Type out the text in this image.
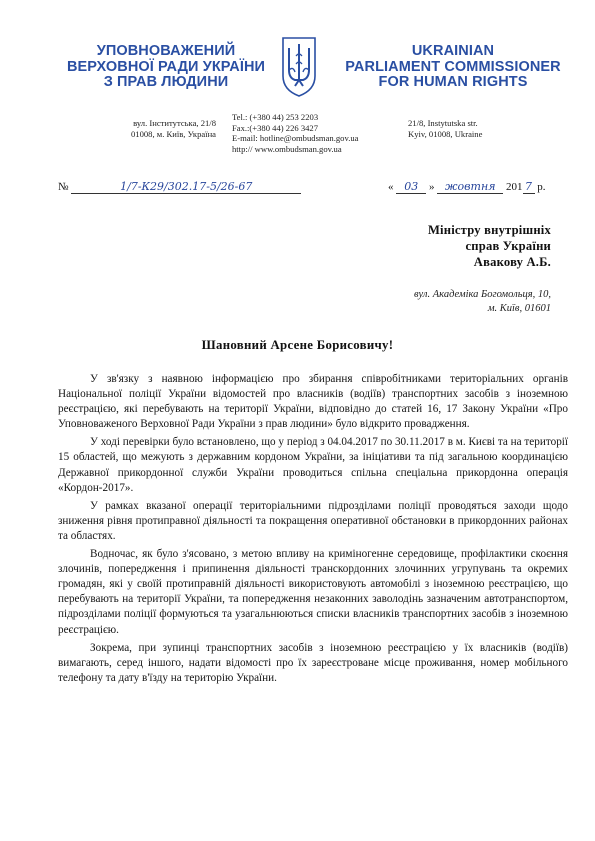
УПОВНОВАЖЕНИЙ
ВЕРХОВНОЇ РАДИ УКРАЇНИ
З ПРАВ ЛЮДИНИ
UKRAINIAN
PARLIAMENT COMMISSIONER
FOR HUMAN RIGHTS
вул. Інститутська, 21/8
01008, м. Київ, Україна
Tel.: (+380 44) 253 2203
Fax.:(+380 44) 226 3427
E-mail: hotline@ombudsman.gov.ua
http:// www.ombudsman.gov.ua
21/8, Instytutska str.
Kyiv, 01008, Ukraine
№	1/7-К29/302.17-5/26-67	« 03 » жовтня 201 7 р.
Міністру внутрішніх
справ України
Авакову А.Б.
вул. Академіка Богомольця, 10,
м. Київ, 01601
Шановний Арсене Борисовичу!

У зв'язку з наявною інформацією про збирання співробітниками територіальних органів Національної поліції України відомостей про власників (водіїв) транспортних засобів з іноземною реєстрацією, які перебувають на території України, відповідно до статей 16, 17 Закону України «Про Уповноваженого Верховної Ради України з прав людини» було відкрито провадження.

У ході перевірки було встановлено, що у період з 04.04.2017 по 30.11.2017 в м. Києві та на території 15 областей, що межують з державним кордоном України, за ініціативи та під загальною координацією Державної прикордонної служби України проводиться спільна спеціальна прикордонна операція «Кордон-2017».

У рамках вказаної операції територіальними підрозділами поліції проводяться заходи щодо зниження рівня протиправної діяльності та покращення оперативної обстановки в прикордонних районах та областях.

Водночас, як було з'ясовано, з метою впливу на криміногенне середовище, профілактики скоєння злочинів, попередження і припинення діяльності транскордонних злочинних угрупувань та окремих громадян, які у своїй протиправній діяльності використовують автомобілі з іноземною реєстрацією, що перебувають на території України, та попередження незаконних заволодінь зазначеним автотранспортом, підрозділами поліції формуються та узагальнюються списки власників транспортних засобів з іноземною реєстрацією.

Зокрема, при зупинці транспортних засобів з іноземною реєстрацією у їх власників (водіїв) вимагають, серед іншого, надати відомості про їх зареєстроване місце проживання, номер мобільного телефону та дату в'їзду на територію України.
